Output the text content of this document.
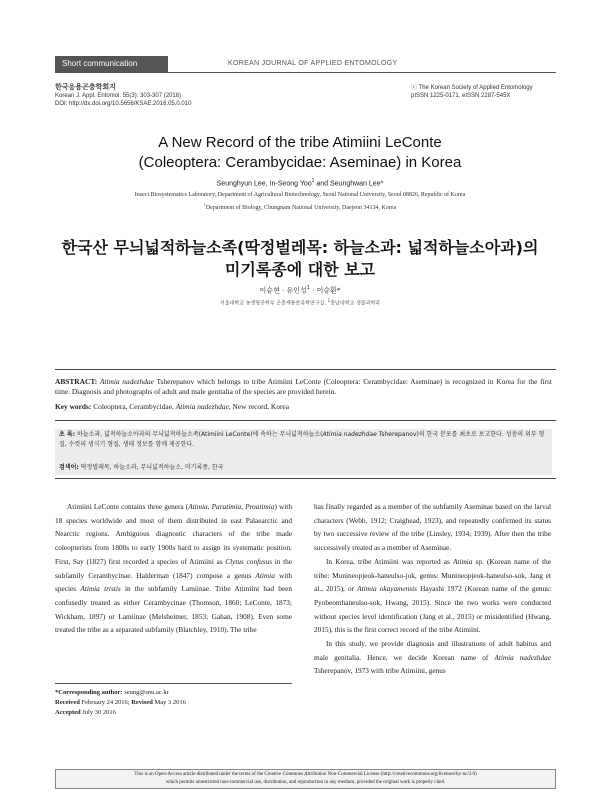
Short communication	KOREAN JOURNAL OF APPLIED ENTOMOLOGY
한국응용곤충학회지
Korean J. Appl. Entomol. 55(3): 303-307 (2016)
DOI: http://dx.doi.org/10.5656/KSAE.2016.05.0.010
ⓒ The Korean Society of Applied Entomology
pISSN 1225-0171, eISSN 2287-545X
A New Record of the tribe Atimiini LeConte
(Coleoptera: Cerambycidae: Aseminae) in Korea
Seunghyun Lee, In-Seong Yoo$^1$ and Seunghwan Lee*
Insect Biosystematics Laboratory, Department of Agricultural Biotechnology, Seoul National University, Seoul 08826, Republic of Korea
$^1$Department of Biology, Chungnam National University, Daejeon 34134, Korea
한국산 무늬넓적하늘소족(딱정벌레목: 하늘소과: 넓적하늘소아과)의
미기록종에 대한 보고
이승현 · 유인성$^1$ · 이승환*
서울대학교 농생명공학부 곤충계통분류학연구실, $^1$충남대학교 생물과학과
ABSTRACT: Atimia nadezhdae Tsherepanov which belongs to tribe Atimiini LeConte (Coleoptera: Cerambycidae: Aseminae) is recognized in Korea for the first time. Diagnosis and photographs of adult and male genitalia of the species are provided herein.
Key words: Coleoptera, Cerambycidae, Atimia nadezhdae, New record, Korea
초 록: 하늘소과, 넓적하늘소아과의 무늬넓적하늘소족(Atimiini LeConte)에 속하는 무늬넓적하늘소(Atimia nadezhdae Tsherepanov)의 한국 분포를 최초로 보고한다. 성충의 외부 형질, 수컷의 생식기 형질, 생태 정보를 함께 제공한다.
검색어: 딱정벌레목, 하늘소과, 무늬넓적하늘소, 미기록종, 한국

Atimiini LeConte contains three genera (Atimia, Paratimia, Proatimia) with 18 species worldwide and most of them distributed in east Palaearctic and Nearctic regions. Ambiguous diagnostic characters of the tribe made coleopterists from 1800s to early 1900s hard to assign its systematic position. First, Say (1827) first recorded a species of Atimiini as Clytus confusus in the subfamily Cerambycinae. Halderman (1847) compose a genus Atimia with species Atimia tristis in the subfamily Lamiinae. Tribe Atimiini had been confusedly treated as either Cerambycinae (Thomson, 1860; LeConte, 1873; Wickham, 1897) or Lamiinae (Melsheimer, 1853; Gahan, 1908). Even some treated the tribe as a separated subfamily (Blatchley, 1910). The tribe

has finally regarded as a member of the subfamily Aseminae based on the larval characters (Webb, 1912; Craighead, 1923), and repeatedly confirmed its status by two successive review of the tribe (Linsley, 1934; 1939). After then the tribe successively treated as a member of Aseminae.

In Korea, tribe Atimiini was reported as Atimia sp. (Korean name of the tribe: Munineopjeok-haneulso-jok, genus: Munineopjeok-haneulso-sok, Jang et al., 2015), or Atimia okayamensis Hayashi 1972 (Korean name of the genus: Pyobeomhaneulso-sok, Hwang, 2015). Since the two works were conducted without species level identification (Jang et al., 2015) or misidentified (Hwang, 2015), this is the first correct record of the tribe Atimiini.

In this study, we provide diagnosis and illustrations of adult habitus and male genitalia. Hence, we decide Korean name of Atimia nadezhdae Tsherepanov, 1973 with tribe Atimiini, genus

*Corresponding author: seung@snu.ac.kr
Received February 24 2016; Revised May 3 2016
Accepted July 30 2016
This is an Open-Access article distributed under the terms of the Creative Commons Attribution Non-Commercial License (http://creativecommons.org/licenses/by-nc/3.0)
which permits unrestricted non-commercial use, distribution, and reproduction in any medium, provided the original work is properly cited.
